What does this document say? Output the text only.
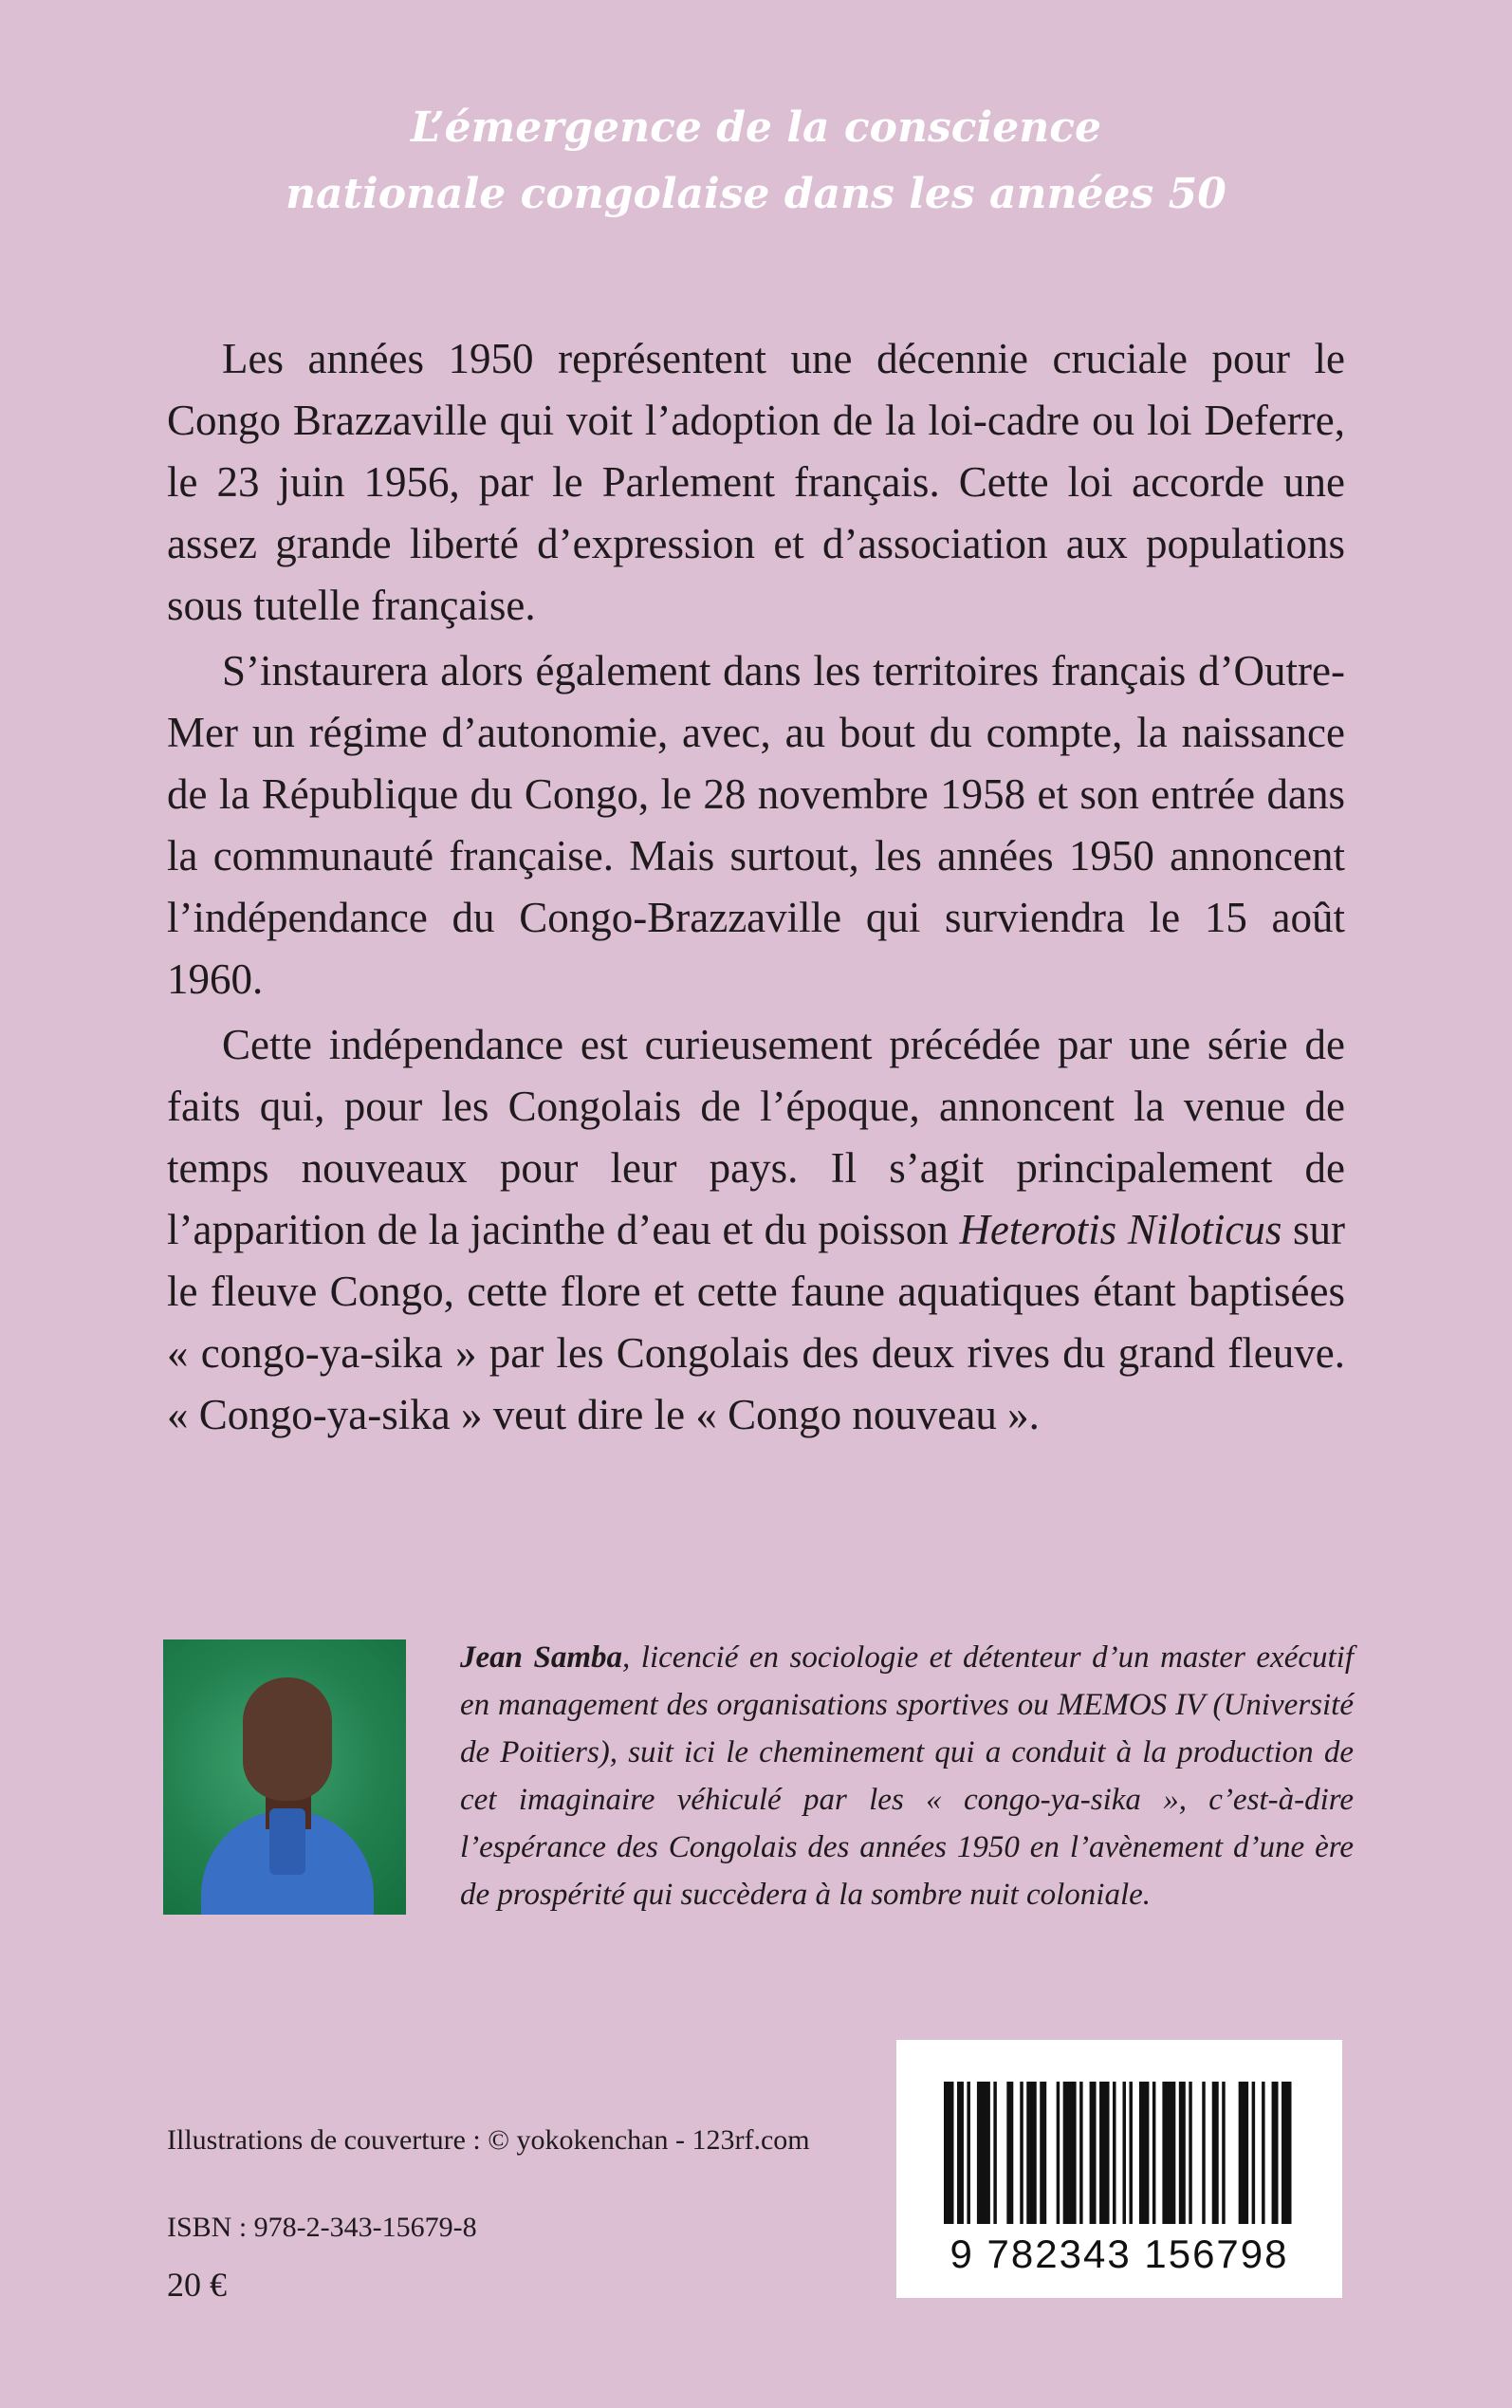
L’émergence de la conscience
nationale congolaise dans les années 50

Les années 1950 représentent une décennie cruciale pour le Congo Brazzaville qui voit l’adoption de la loi-cadre ou loi Deferre, le 23 juin 1956, par le Parlement français. Cette loi accorde une assez grande liberté d’expression et d’association aux populations sous tutelle française.

S’instaurera alors également dans les territoires français d’Outre-Mer un régime d’autonomie, avec, au bout du compte, la naissance de la République du Congo, le 28 novembre 1958 et son entrée dans la communauté française. Mais surtout, les années 1950 annoncent l’indépendance du Congo-Brazzaville qui surviendra le 15 août 1960.

Cette indépendance est curieusement précédée par une série de faits qui, pour les Congolais de l’époque, annoncent la venue de temps nouveaux pour leur pays. Il s’agit principalement de l’apparition de la jacinthe d’eau et du poisson Heterotis Niloticus sur le fleuve Congo, cette flore et cette faune aquatiques étant baptisées « congo-ya-sika » par les Congolais des deux rives du grand fleuve. « Congo-ya-sika » veut dire le « Congo nouveau ».

Jean Samba, licencié en sociologie et détenteur d’un master exécutif en management des organisations sportives ou MEMOS IV (Université de Poitiers), suit ici le cheminement qui a conduit à la production de cet imaginaire véhiculé par les « congo-ya-sika », c’est-à-dire l’espérance des Congolais des années 1950 en l’avènement d’une ère de prospérité qui succèdera à la sombre nuit coloniale.

Illustrations de couverture : © yokokenchan - 123rf.com

ISBN : 978-2-343-15679-8

20 €

9 782343 156798
